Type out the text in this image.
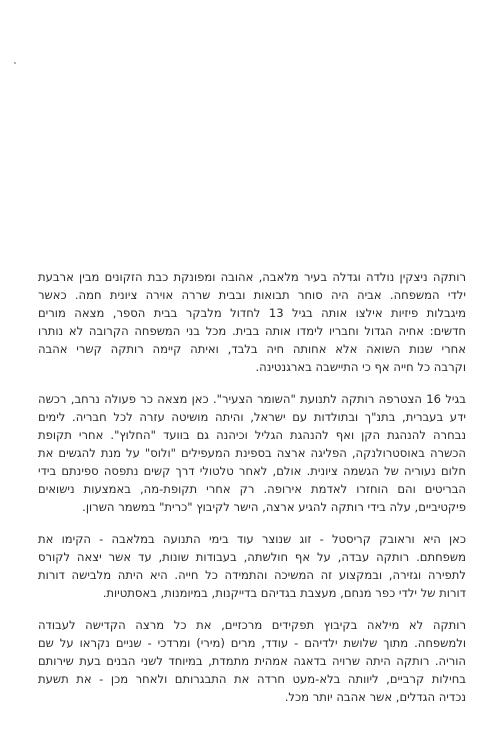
רותקה ניצקין נולדה וגדלה בעיר מלאבה, אהובה ומפונקת כבת הזקונים מבין ארבעת
ילדי המשפחה. אביה היה סוחר תבואות ובבית שררה אוירה ציונית חמה. כאשר
מיגבלות פיזיות אילצו אותה בגיל 13 לחדול מלבקר בבית הספר, מצאה מורים
חדשים: אחיה הגדול וחבריו לימדו אותה בבית. מכל בני המשפחה הקרובה לא נותרו
אחרי שנות השואה אלא אחותה חיה בלבד, ואיתה קיימה רותקה קשרי אהבה
וקרבה כל חייה אף כי התיישבה בארגנטינה.

בגיל 16 הצטרפה רותקה לתנועת "השומר הצעיר". כאן מצאה כר פעולה נרחב, רכשה
ידע בעברית, בתנ"ך ובתולדות עם ישראל, והיתה מושיטה עזרה לכל חבריה. לימים
נבחרה להנהגת הקן ואף להנהגת הגליל וכיהנה גם בוועד "החלוץ". אחרי תקופת
הכשרה באוסטרולנקה, הפליגה ארצה בספינת המעפילים "ולוס" על מנת להגשים את
חלום נעוריה של הגשמה ציונית. אולם, לאחר טלטולי דרך קשים נתפסה ספינתם בידי
הבריטים והם הוחזרו לאדמת אירופה. רק אחרי תקופת-מה, באמצעות נישואים
פיקטיביים, עלה בידי רותקה להגיע ארצה, הישר לקיבוץ "כרית" במשמר השרון.

כאן היא וראובק קריסטל - זוג שנוצר עוד בימי התנועה במלאבה - הקימו את
משפחתם. רותקה עבדה, על אף חולשתה, בעבודות שונות, עד אשר יצאה לקורס
לתפירה וגזירה, ובמקצוע זה המשיכה והתמידה כל חייה. היא היתה מלבישה דורות
דורות של ילדי כפר מנחם, מעצבת בגדיהם בדייקנות, במיומנות, באסתטיות.

רותקה לא מילאה בקיבוץ תפקידים מרכזיים, את כל מרצה הקדישה לעבודה
ולמשפחה. מתוך שלושת ילדיהם - עודד, מרים (מירי) ומרדכי - שניים נקראו על שם
הוריה. רותקה היתה שרויה בדאגה אמהית מתמדת, במיוחד לשני הבנים בעת שירותם
בחילות קרביים, ליוותה בלא-מעט חרדה את התבגרותם ולאחר מכן - את תשעת
נכדיה הגדלים, אשר אהבה יותר מכל.
